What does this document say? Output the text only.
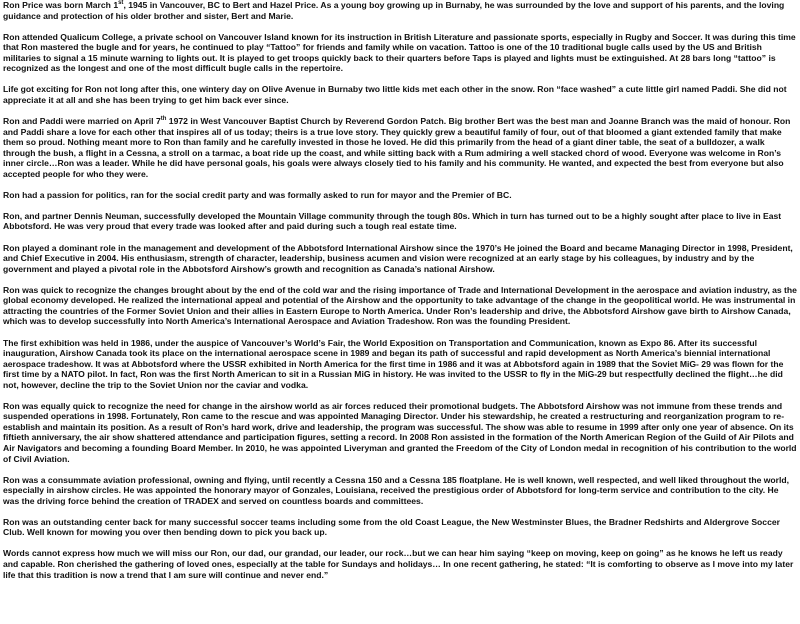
Ron Price was born March 1st, 1945 in Vancouver, BC to Bert and Hazel Price. As a young boy growing up in Burnaby, he was surrounded by the love and support of his parents, and the loving guidance and protection of his older brother and sister, Bert and Marie.

Ron attended Qualicum College, a private school on Vancouver Island known for its instruction in British Literature and passionate sports, especially in Rugby and Soccer. It was during this time that Ron mastered the bugle and for years, he continued to play “Tattoo” for friends and family while on vacation. Tattoo is one of the 10 traditional bugle calls used by the US and British militaries to signal a 15 minute warning to lights out. It is played to get troops quickly back to their quarters before Taps is played and lights must be extinguished. At 28 bars long “tattoo” is recognized as the longest and one of the most difficult bugle calls in the repertoire.

Life got exciting for Ron not long after this, one wintery day on Olive Avenue in Burnaby two little kids met each other in the snow. Ron “face washed” a cute little girl named Paddi. She did not appreciate it at all and she has been trying to get him back ever since.

Ron and Paddi were married on April 7th 1972 in West Vancouver Baptist Church by Reverend Gordon Patch. Big brother Bert was the best man and Joanne Branch was the maid of honour. Ron and Paddi share a love for each other that inspires all of us today; theirs is a true love story. They quickly grew a beautiful family of four, out of that bloomed a giant extended family that make them so proud. Nothing meant more to Ron than family and he carefully invested in those he loved. He did this primarily from the head of a giant diner table, the seat of a bulldozer, a walk through the bush, a flight in a Cessna, a stroll on a tarmac, a boat ride up the coast, and while sitting back with a Rum admiring a well stacked chord of wood. Everyone was welcome in Ron’s inner circle…Ron was a leader. While he did have personal goals, his goals were always closely tied to his family and his community. He wanted, and expected the best from everyone but also accepted people for who they were.

Ron had a passion for politics, ran for the social credit party and was formally asked to run for mayor and the Premier of BC.

Ron, and partner Dennis Neuman, successfully developed the Mountain Village community through the tough 80s. Which in turn has turned out to be a highly sought after place to live in East Abbotsford. He was very proud that every trade was looked after and paid during such a tough real estate time.

Ron played a dominant role in the management and development of the Abbotsford International Airshow since the 1970’s He joined the Board and became Managing Director in 1998, President, and Chief Executive in 2004. His enthusiasm, strength of character, leadership, business acumen and vision were recognized at an early stage by his colleagues, by industry and by the government and played a pivotal role in the Abbotsford Airshow’s growth and recognition as Canada’s national Airshow.

Ron was quick to recognize the changes brought about by the end of the cold war and the rising importance of Trade and International Development in the aerospace and aviation industry, as the global economy developed. He realized the international appeal and potential of the Airshow and the opportunity to take advantage of the change in the geopolitical world. He was instrumental in attracting the countries of the Former Soviet Union and their allies in Eastern Europe to North America. Under Ron’s leadership and drive, the Abbotsford Airshow gave birth to Airshow Canada, which was to develop successfully into North America’s International Aerospace and Aviation Tradeshow. Ron was the founding President.

The first exhibition was held in 1986, under the auspice of Vancouver’s World’s Fair, the World Exposition on Transportation and Communication, known as Expo 86. After its successful inauguration, Airshow Canada took its place on the international aerospace scene in 1989 and began its path of successful and rapid development as North America’s biennial international aerospace tradeshow. It was at Abbotsford where the USSR exhibited in North America for the first time in 1986 and it was at Abbotsford again in 1989 that the Soviet MiG- 29 was flown for the first time by a NATO pilot. In fact, Ron was the first North American to sit in a Russian MiG in history. He was invited to the USSR to fly in the MiG-29 but respectfully declined the flight…he did not, however, decline the trip to the Soviet Union nor the caviar and vodka.

Ron was equally quick to recognize the need for change in the airshow world as air forces reduced their promotional budgets. The Abbotsford Airshow was not immune from these trends and suspended operations in 1998. Fortunately, Ron came to the rescue and was appointed Managing Director. Under his stewardship, he created a restructuring and reorganization program to re-establish and maintain its position. As a result of Ron’s hard work, drive and leadership, the program was successful. The show was able to resume in 1999 after only one year of absence. On its fiftieth anniversary, the air show shattered attendance and participation figures, setting a record. In 2008 Ron assisted in the formation of the North American Region of the Guild of Air Pilots and Air Navigators and becoming a founding Board Member. In 2010, he was appointed Liveryman and granted the Freedom of the City of London medal in recognition of his contribution to the world of Civil Aviation.

Ron was a consummate aviation professional, owning and flying, until recently a Cessna 150 and a Cessna 185 floatplane. He is well known, well respected, and well liked throughout the world, especially in airshow circles. He was appointed the honorary mayor of Gonzales, Louisiana, received the prestigious order of Abbotsford for long-term service and contribution to the city. He was the driving force behind the creation of TRADEX and served on countless boards and committees.

Ron was an outstanding center back for many successful soccer teams including some from the old Coast League, the New Westminster Blues, the Bradner Redshirts and Aldergrove Soccer Club. Well known for mowing you over then bending down to pick you back up.

Words cannot express how much we will miss our Ron, our dad, our grandad, our leader, our rock…but we can hear him saying “keep on moving, keep on going” as he knows he left us ready and capable. Ron cherished the gathering of loved ones, especially at the table for Sundays and holidays… In one recent gathering, he stated: “It is comforting to observe as I move into my later life that this tradition is now a trend that I am sure will continue and never end.”
